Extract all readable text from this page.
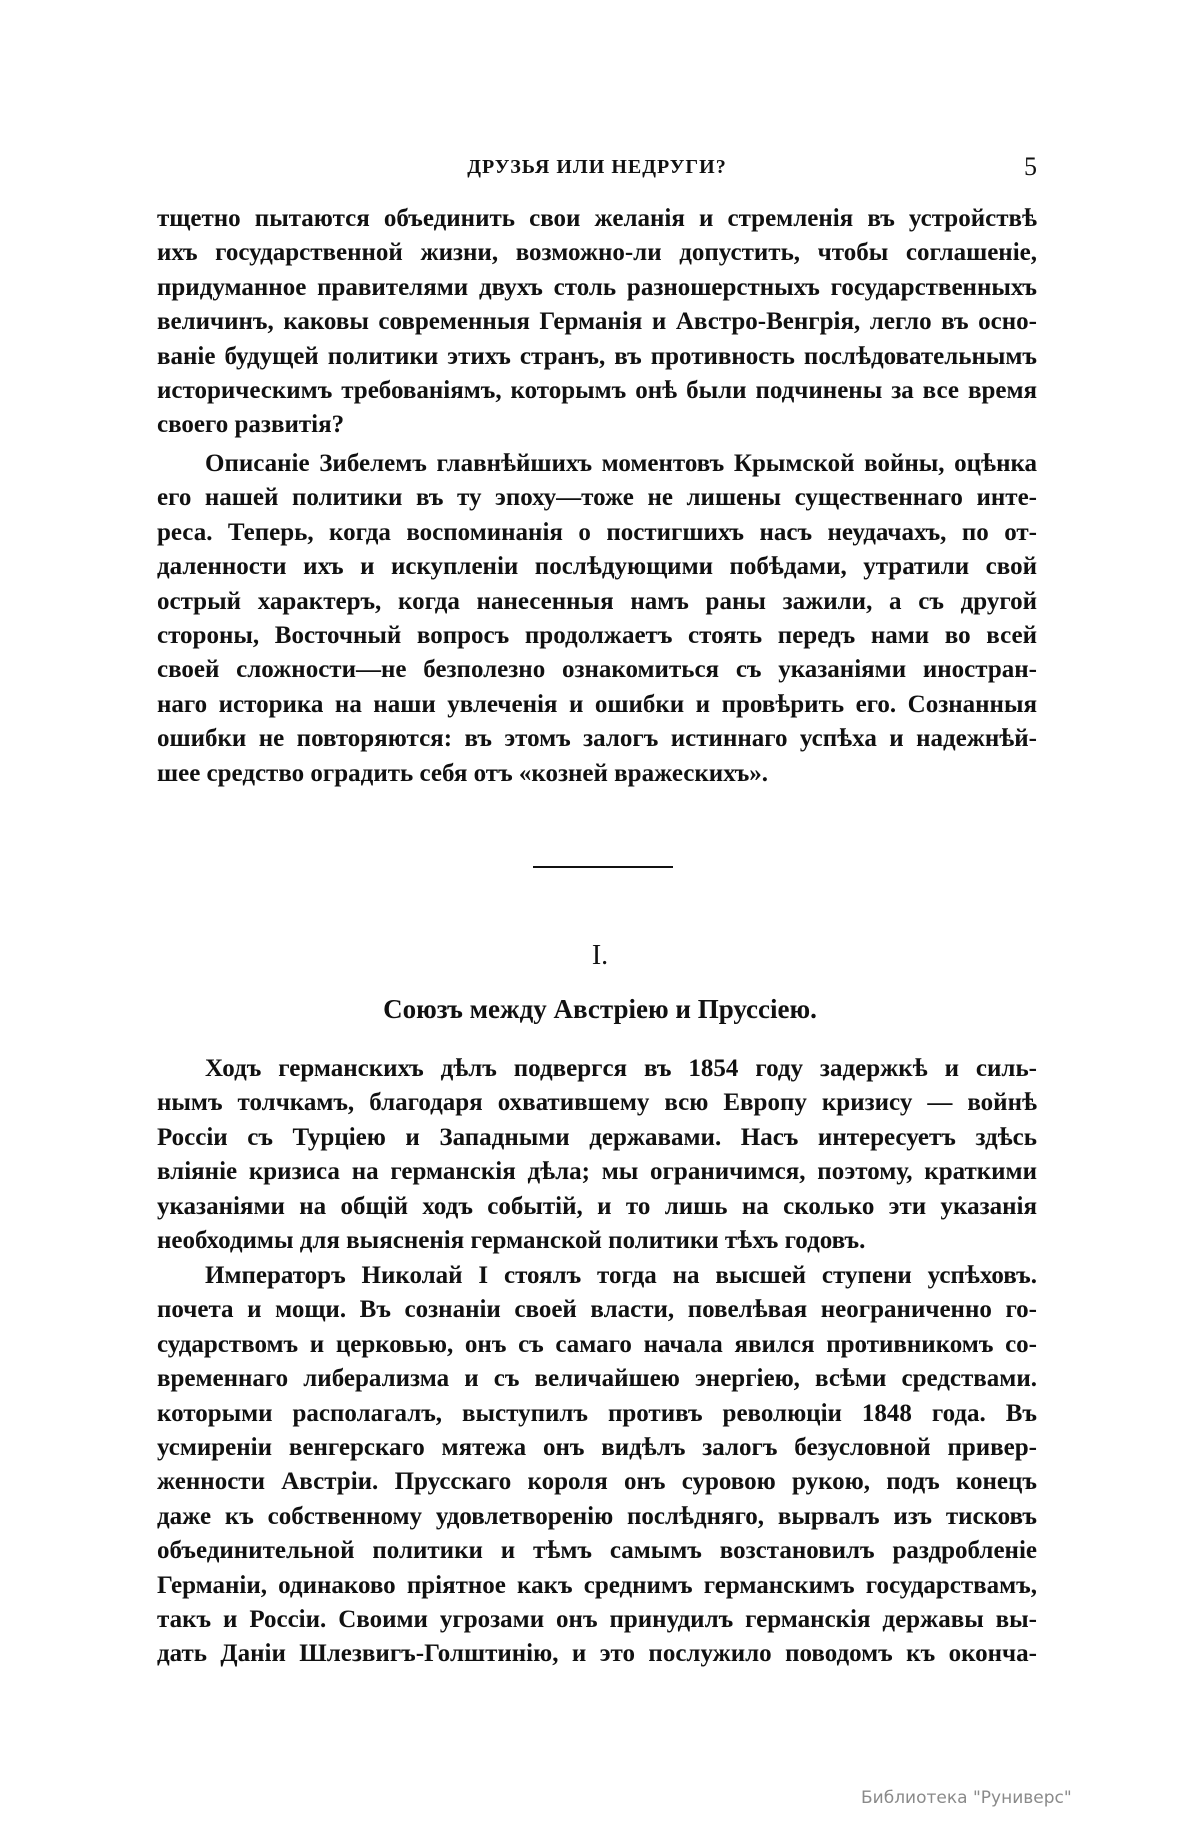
ДРУЗЬЯ ИЛИ НЕДРУГИ?	5
тщетно пытаются объединить свои желанія и стремленія въ устройствѣ
ихъ государственной жизни, возможно-ли допустить, чтобы соглашеніе,
придуманное правителями двухъ столь разношерстныхъ государственныхъ
величинъ, каковы современныя Германія и Австро-Венгрія, легло въ осно-
ваніе будущей политики этихъ странъ, въ противность послѣдовательнымъ
историческимъ требованіямъ, которымъ онѣ были подчинены за все время
своего развитія?
Описаніе Зибелемъ главнѣйшихъ моментовъ Крымской войны, оцѣнка
его нашей политики въ ту эпоху—тоже не лишены существеннаго инте-
реса. Теперь, когда воспоминанія о постигшихъ насъ неудачахъ, по от-
даленности ихъ и искупленіи послѣдующими побѣдами, утратили свой
острый характеръ, когда нанесенныя намъ раны зажили, а съ другой
стороны, Восточный вопросъ продолжаетъ стоять передъ нами во всей
своей сложности—не безполезно ознакомиться съ указаніями иностран-
наго историка на наши увлеченія и ошибки и провѣрить его. Сознанныя
ошибки не повторяются: въ этомъ залогъ истиннаго успѣха и надежнѣй-
шее средство оградить себя отъ «козней вражескихъ».
I.
Союзъ между Австріею и Пруссіею.
Ходъ германскихъ дѣлъ подвергся въ 1854 году задержкѣ и силь-
нымъ толчкамъ, благодаря охватившему всю Европу кризису — войнѣ
Россіи съ Турціею и Западными державами. Насъ интересуетъ здѣсь
вліяніе кризиса на германскія дѣла; мы ограничимся, поэтому, краткими
указаніями на общій ходъ событій, и то лишь на сколько эти указанія
необходимы для выясненія германской политики тѣхъ годовъ.
Императоръ Николай I стоялъ тогда на высшей ступени успѣховъ.
почета и мощи. Въ сознаніи своей власти, повелѣвая неограниченно го-
сударствомъ и церковью, онъ съ самаго начала явился противникомъ со-
временнаго либерализма и съ величайшею энергіею, всѣми средствами.
которыми располагалъ, выступилъ противъ революціи 1848 года. Въ
усмиреніи венгерскаго мятежа онъ видѣлъ залогъ безусловной привер-
женности Австріи. Прусскаго короля онъ суровою рукою, подъ конецъ
даже къ собственному удовлетворенію послѣдняго, вырвалъ изъ тисковъ
объединительной политики и тѣмъ самымъ возстановилъ раздробленіе
Германіи, одинаково пріятное какъ среднимъ германскимъ государствамъ,
такъ и Россіи. Своими угрозами онъ принудилъ германскія державы вы-
дать Даніи Шлезвигъ-Голштинію, и это послужило поводомъ къ оконча-
Библиотека "Руниверс"
